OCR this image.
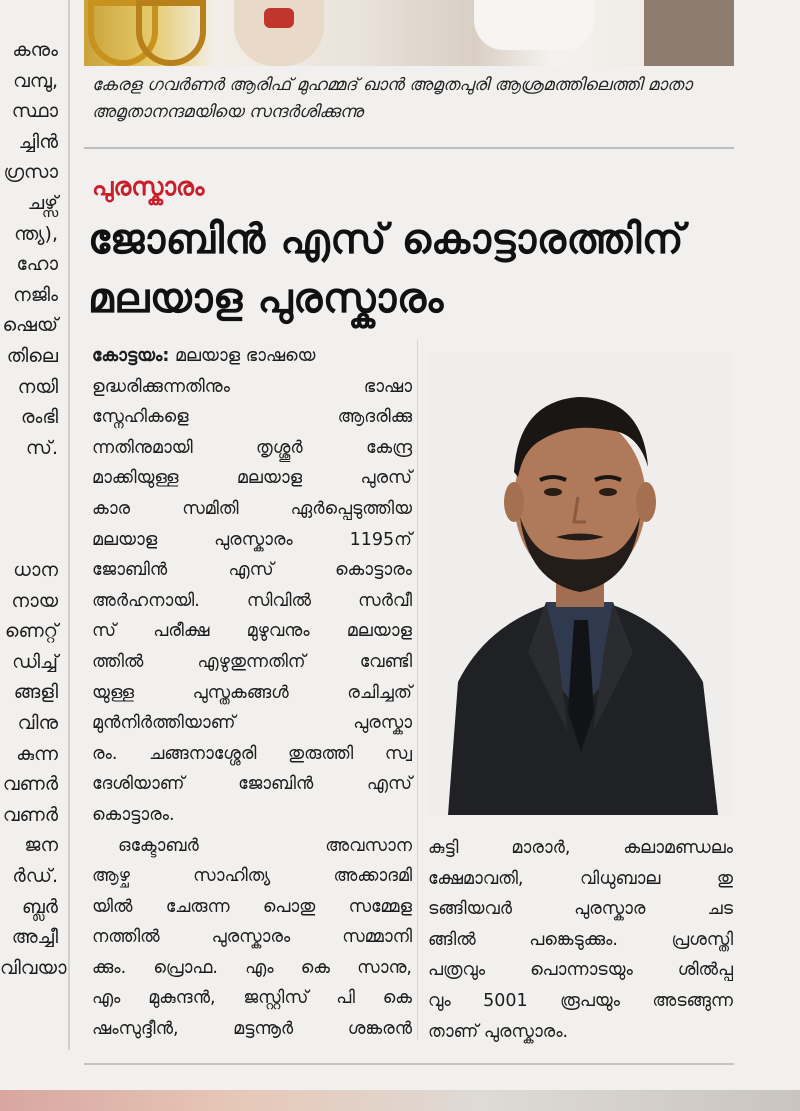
കനും
വമ്പു,
സ്ഥാ
ച്ചിൻ
ഗ്രസാ
ചഴ്സ്
ന്ത്യ),
ഹോ
നജിം
ഷെയ്
തിലെ
നയി
രംഭി
സ്.
ധാന
നായ
ണെറ്റ്
ഡിച്ച്
ങ്ങളി
വിനു
കുന്ന
വണർ
വണർ
ജന
ർഡ്.
ബ്ലർ
അച്ചീ
വിവയാ
കേരള ഗവർണർ ആരിഫ് മുഹമ്മദ് ഖാൻ അമൃതപുരി ആശ്രമത്തിലെത്തി മാതാ അമൃതാനന്ദമയിയെ സന്ദർശിക്കുന്നു
പുരസ്കാരം
ജോബിൻ എസ് കൊട്ടാരത്തിന്
മലയാള പുരസ്കാരം
കോട്ടയം: മലയാള ഭാഷയെ
ഉദ്ധരിക്കുന്നതിനും ഭാഷാ
സ്നേഹികളെ ആദരിക്കു
ന്നതിനുമായി തൃശ്ശൂർ കേന്ദ്ര
മാക്കിയുള്ള മലയാള പുരസ്
കാര സമിതി ഏർപ്പെടുത്തിയ
മലയാള പുരസ്കാരം 1195ന്
ജോബിൻ എസ് കൊട്ടാരം
അർഹനായി. സിവിൽ സർവീ
സ് പരീക്ഷ മുഴുവനും മലയാള
ത്തിൽ എഴുതുന്നതിന് വേണ്ടി
യുള്ള പുസ്തകങ്ങൾ രചിച്ചത്
മുൻനിർത്തിയാണ് പുരസ്കാ
രം. ചങ്ങനാശ്ശേരി തുരുത്തി സ്വ
ദേശിയാണ് ജോബിൻ എസ്
കൊട്ടാരം.
ഒക്ടോബർ അവസാന
ആഴ്ച സാഹിത്യ അക്കാദമി
യിൽ ചേരുന്ന പൊതു സമ്മേള
നത്തിൽ പുരസ്കാരം സമ്മാനി
ക്കും. പ്രൊഫ. എം കെ സാനു,
എം മുകുന്ദൻ, ജസ്റ്റിസ് പി കെ
ഷംസുദ്ദീൻ, മട്ടന്നൂർ ശങ്കരൻ
കുട്ടി മാരാർ, കലാമണ്ഡലം
ക്ഷേമാവതി, വിധുബാല തു
ടങ്ങിയവർ പുരസ്കാര ചട
ങ്ങിൽ പങ്കെടുക്കും. പ്രശസ്തി
പത്രവും പൊന്നാടയും ശിൽപ്പ
വും 5001 രൂപയും അടങ്ങുന്ന
താണ് പുരസ്കാരം.
